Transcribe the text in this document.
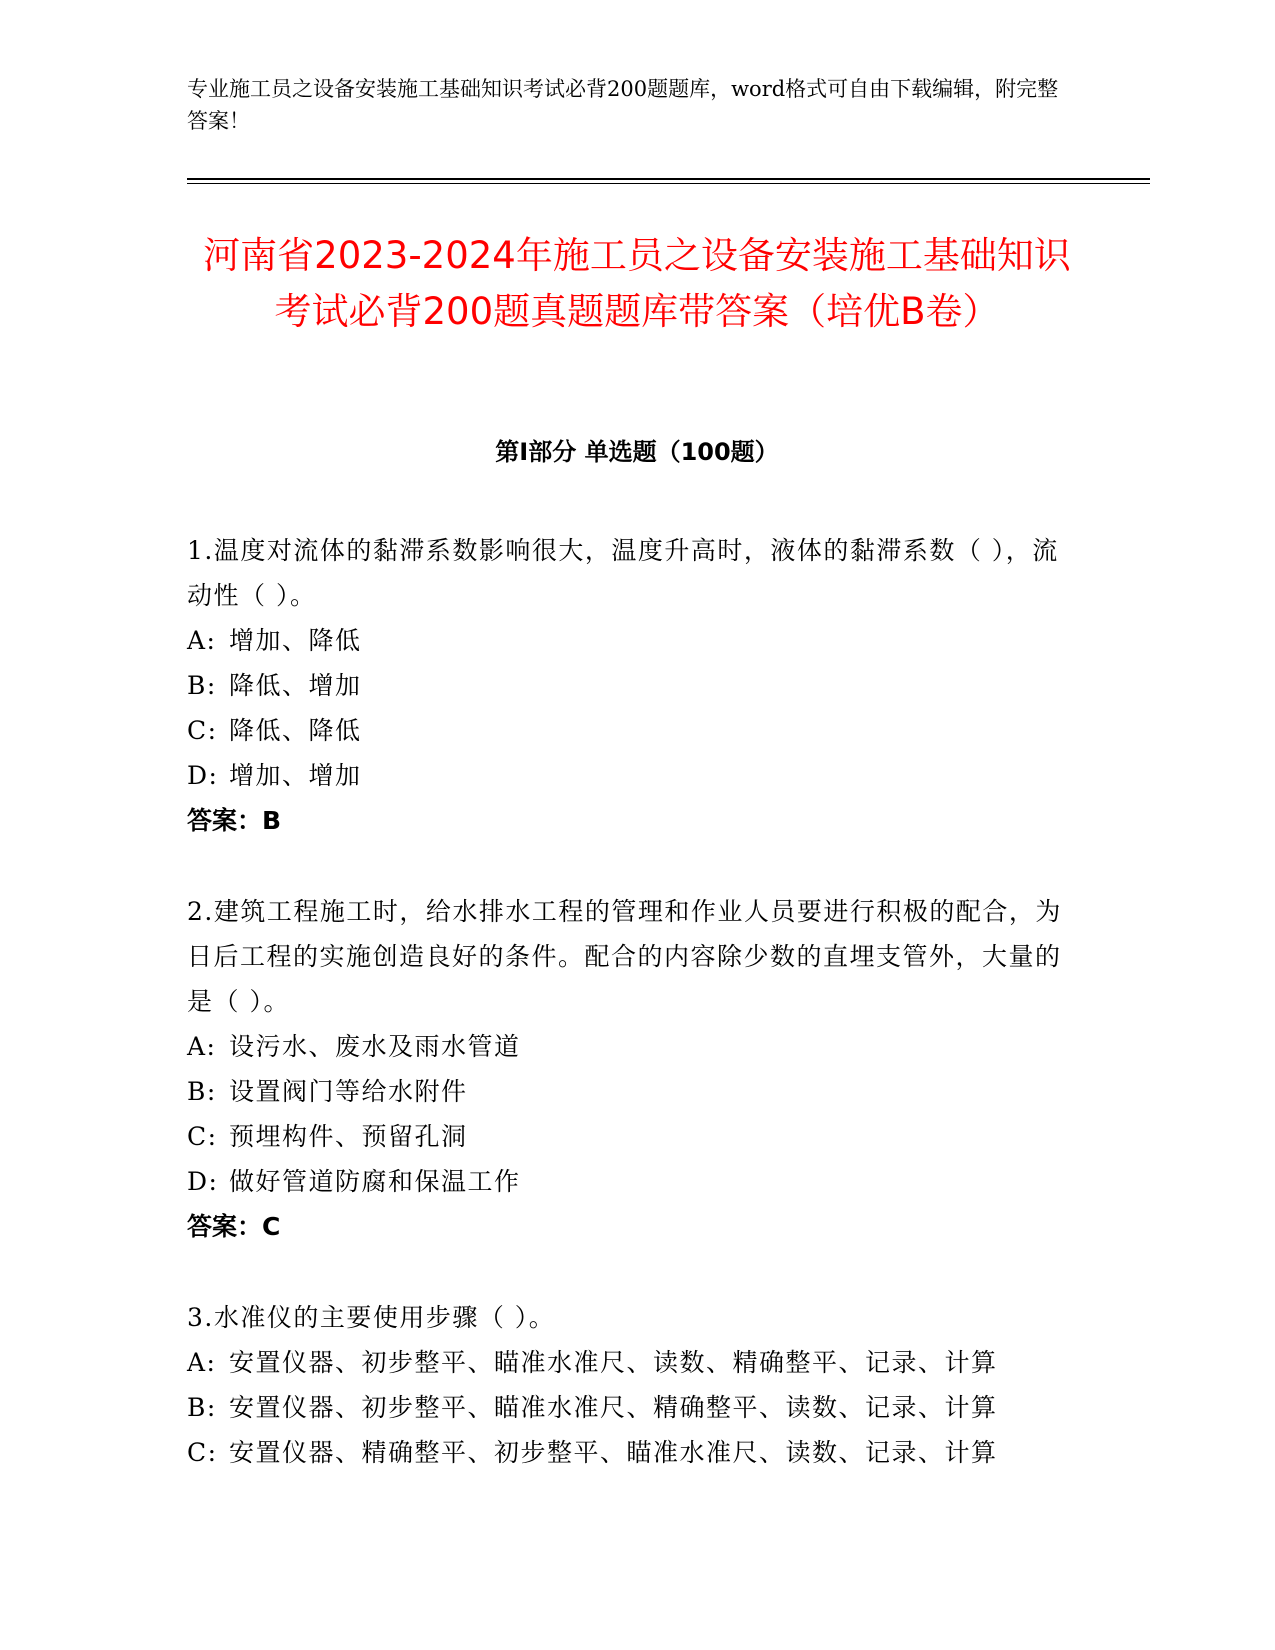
专业施工员之设备安装施工基础知识考试必背200题题库，word格式可自由下载编辑，附完整答案！
河南省2023-2024年施工员之设备安装施工基础知识考试必背200题真题题库带答案（培优B卷）
第Ⅰ部分 单选题（100题）
1.温度对流体的黏滞系数影响很大，温度升高时，液体的黏滞系数（ ），流动性（ ）。
A: 增加、降低
B: 降低、增加
C: 降低、降低
D: 增加、增加
答案：B
2.建筑工程施工时，给水排水工程的管理和作业人员要进行积极的配合，为日后工程的实施创造良好的条件。配合的内容除少数的直埋支管外，大量的是（ ）。
A: 设污水、废水及雨水管道
B: 设置阀门等给水附件
C: 预埋构件、预留孔洞
D: 做好管道防腐和保温工作
答案：C
3.水准仪的主要使用步骤（ ）。
A: 安置仪器、初步整平、瞄准水准尺、读数、精确整平、记录、计算
B: 安置仪器、初步整平、瞄准水准尺、精确整平、读数、记录、计算
C: 安置仪器、精确整平、初步整平、瞄准水准尺、读数、记录、计算
